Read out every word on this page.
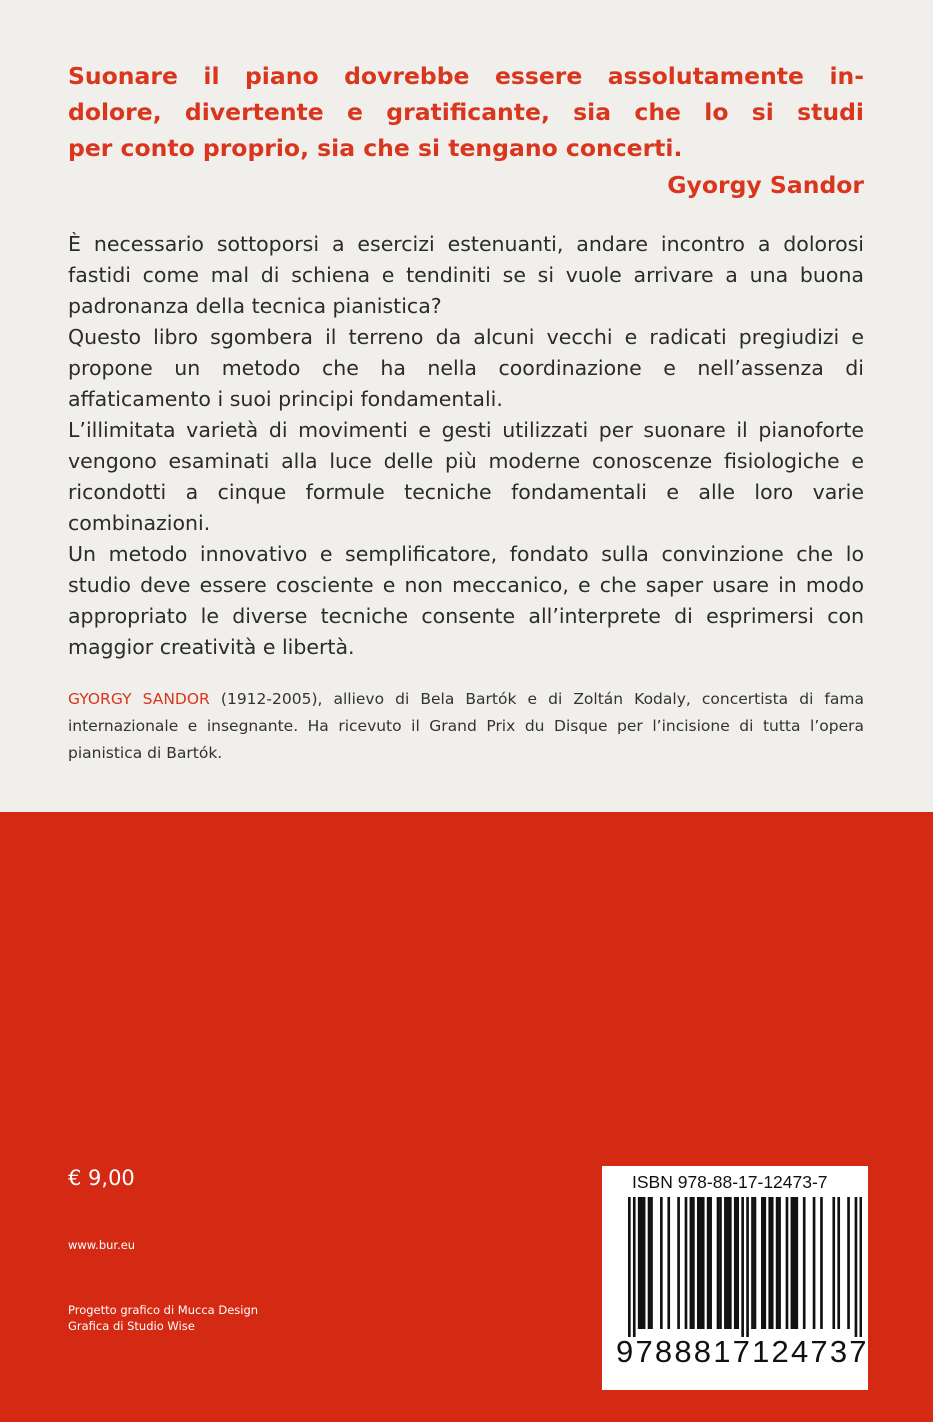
Suonare il piano dovrebbe essere assolutamente in-

dolore, divertente e gratificante, sia che lo si studi

per conto proprio, sia che si tengano concerti.

Gyorgy Sandor

È necessario sottoporsi a esercizi estenuanti, andare incontro a dolorosi fastidi come mal di schiena e tendiniti se si vuole arrivare a una buona padronanza della tecnica pianistica?

Questo libro sgombera il terreno da alcuni vecchi e radicati pregiudizi e propone un metodo che ha nella coordinazione e nell’assenza di affaticamento i suoi principi fondamentali.

L’illimitata varietà di movimenti e gesti utilizzati per suonare il pianoforte vengono esaminati alla luce delle più moderne conoscenze fisiologiche e ricondotti a cinque formule tecniche fondamentali e alle loro varie combinazioni.

Un metodo innovativo e semplificatore, fondato sulla convinzione che lo studio deve essere cosciente e non meccanico, e che saper usare in modo appropriato le diverse tecniche consente all’interprete di esprimersi con maggior creatività e libertà.

GYORGY SANDOR (1912-2005), allievo di Bela Bartók e di Zoltán Kodaly, concertista di fama internazionale e insegnante. Ha ricevuto il Grand Prix du Disque per l’incisione di tutta l’opera pianistica di Bartók.
€ 9,00
www.bur.eu
Progetto grafico di Mucca Design
Grafica di Studio Wise
ISBN 978-88-17-12473-7
9788817124737
